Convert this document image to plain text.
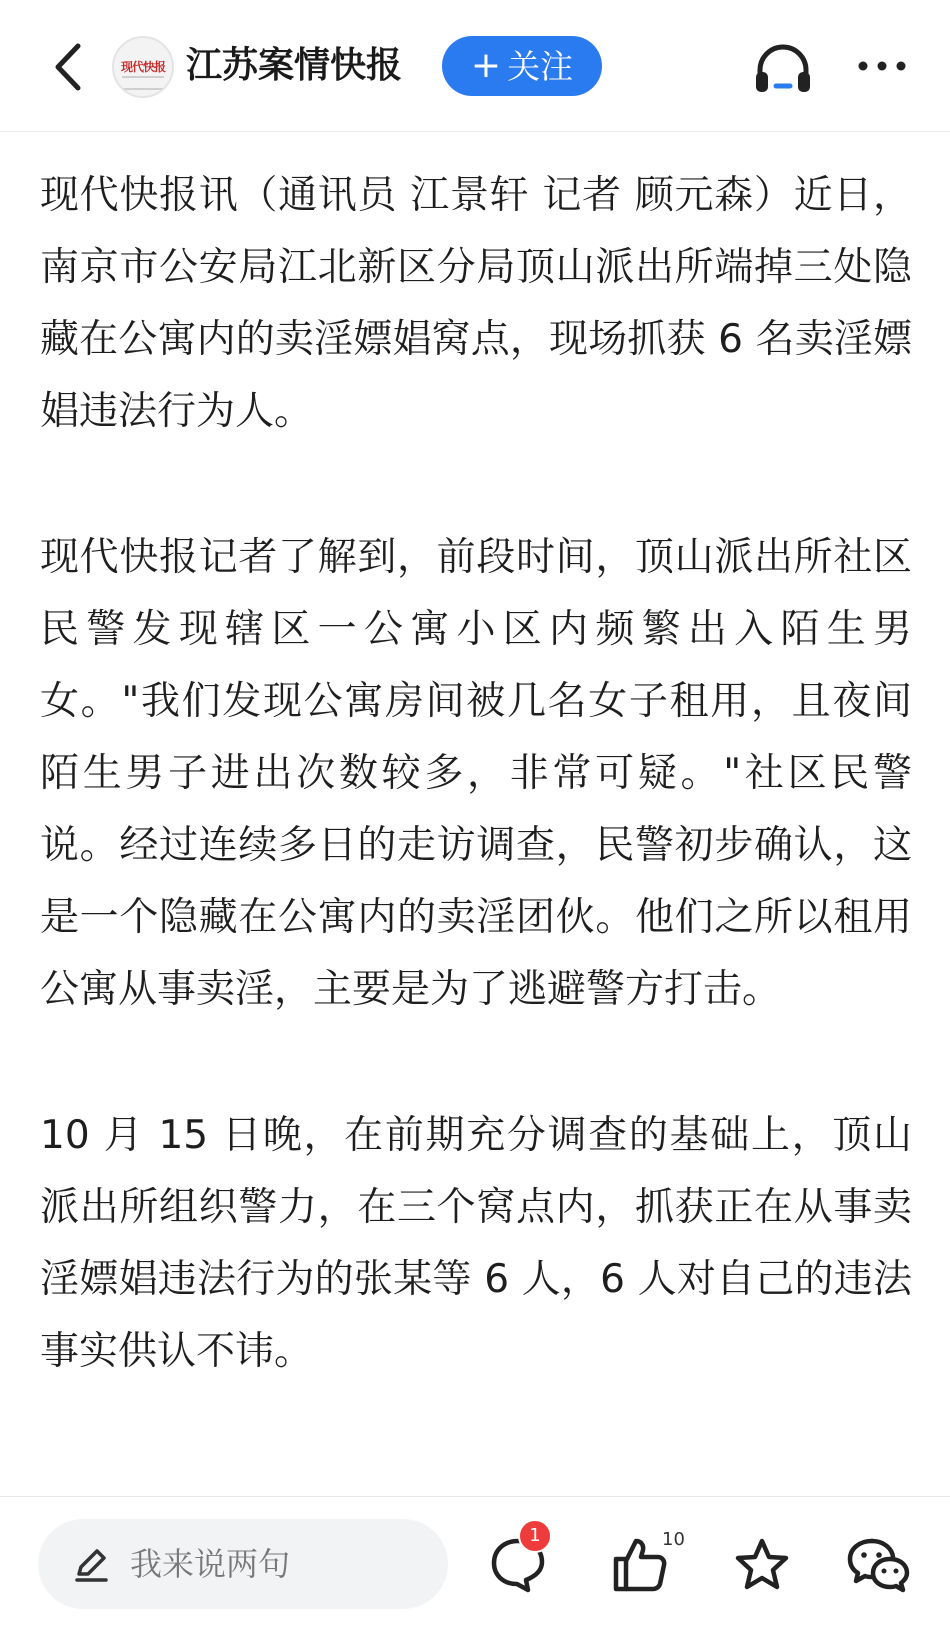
现代快报 江苏案情快报 + 关注

现代快报讯（通讯员 江景轩 记者 顾元森）近日，南京市公安局江北新区分局顶山派出所端掉三处隐藏在公寓内的卖淫嫖娼窝点，现场抓获 6 名卖淫嫖娼违法行为人。

现代快报记者了解到，前段时间，顶山派出所社区民警发现辖区一公寓小区内频繁出入陌生男女。"我们发现公寓房间被几名女子租用，且夜间陌生男子进出次数较多，非常可疑。"社区民警说。经过连续多日的走访调查，民警初步确认，这是一个隐藏在公寓内的卖淫团伙。他们之所以租用公寓从事卖淫，主要是为了逃避警方打击。

10 月 15 日晚，在前期充分调查的基础上，顶山派出所组织警力，在三个窝点内，抓获正在从事卖淫嫖娼违法行为的张某等 6 人，6 人对自己的违法事实供认不讳。

我来说两句
1	10
